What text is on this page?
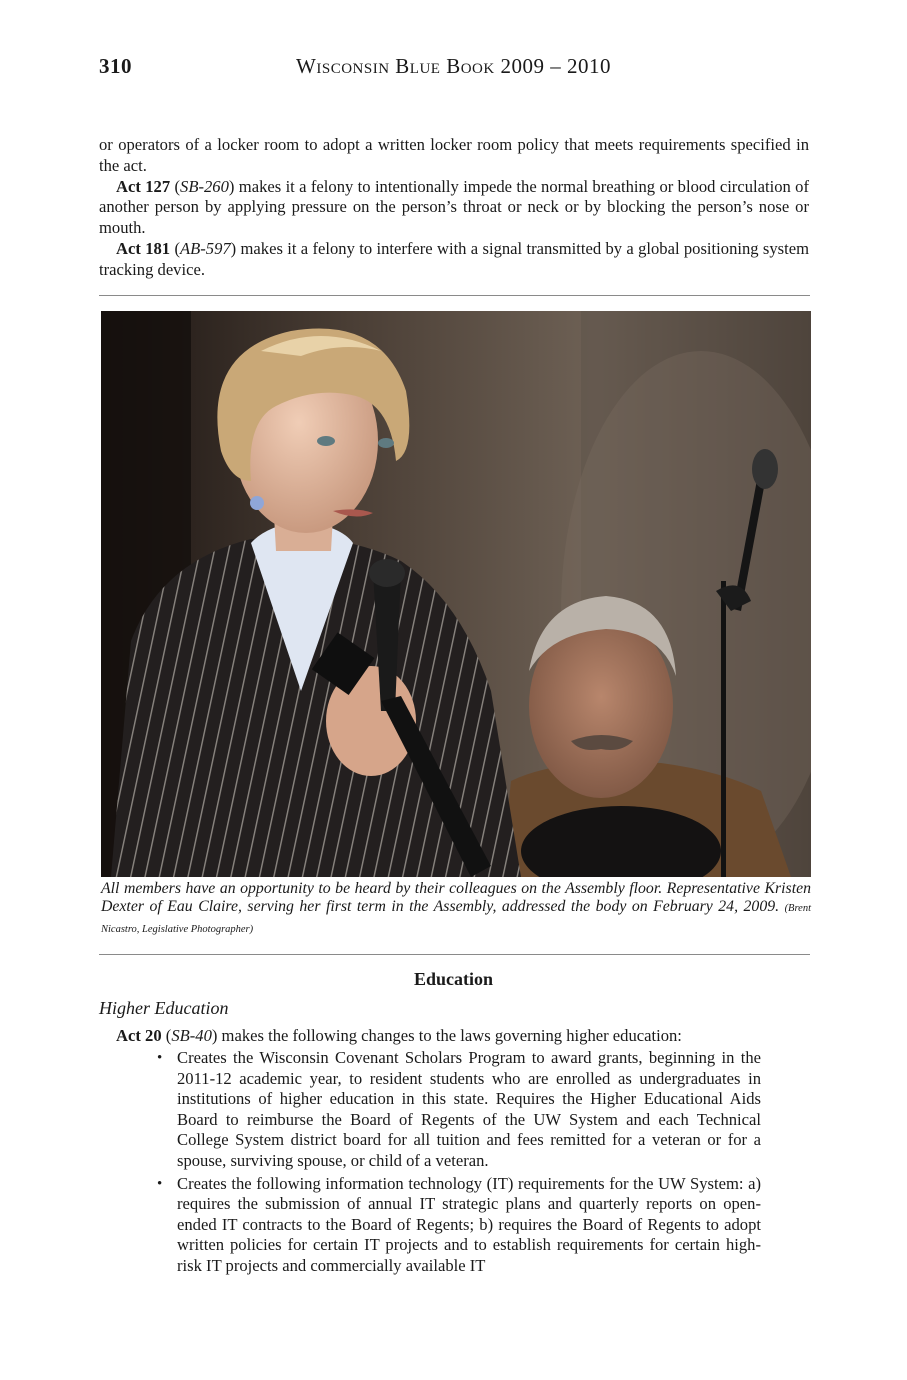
310	Wisconsin Blue Book 2009 – 2010

or operators of a locker room to adopt a written locker room policy that meets requirements specified in the act.

Act 127 (SB-260) makes it a felony to intentionally impede the normal breathing or blood circulation of another person by applying pressure on the person’s throat or neck or by blocking the person’s nose or mouth.

Act 181 (AB-597) makes it a felony to interfere with a signal transmitted by a global positioning system tracking device.

All members have an opportunity to be heard by their colleagues on the Assembly floor. Representative Kristen Dexter of Eau Claire, serving her first term in the Assembly, addressed the body on February 24, 2009. (Brent Nicastro, Legislative Photographer)
Education
Higher Education
Act 20 (SB-40) makes the following changes to the laws governing higher education:
• Creates the Wisconsin Covenant Scholars Program to award grants, beginning in the 2011-12 academic year, to resident students who are enrolled as undergraduates in institutions of higher education in this state. Requires the Higher Educational Aids Board to reimburse the Board of Regents of the UW System and each Technical College System district board for all tuition and fees remitted for a veteran or for a spouse, surviving spouse, or child of a veteran.
• Creates the following information technology (IT) requirements for the UW System: a) requires the submission of annual IT strategic plans and quarterly reports on open-ended IT contracts to the Board of Regents; b) requires the Board of Regents to adopt written policies for certain IT projects and to establish requirements for certain high-risk IT projects and commercially available IT
